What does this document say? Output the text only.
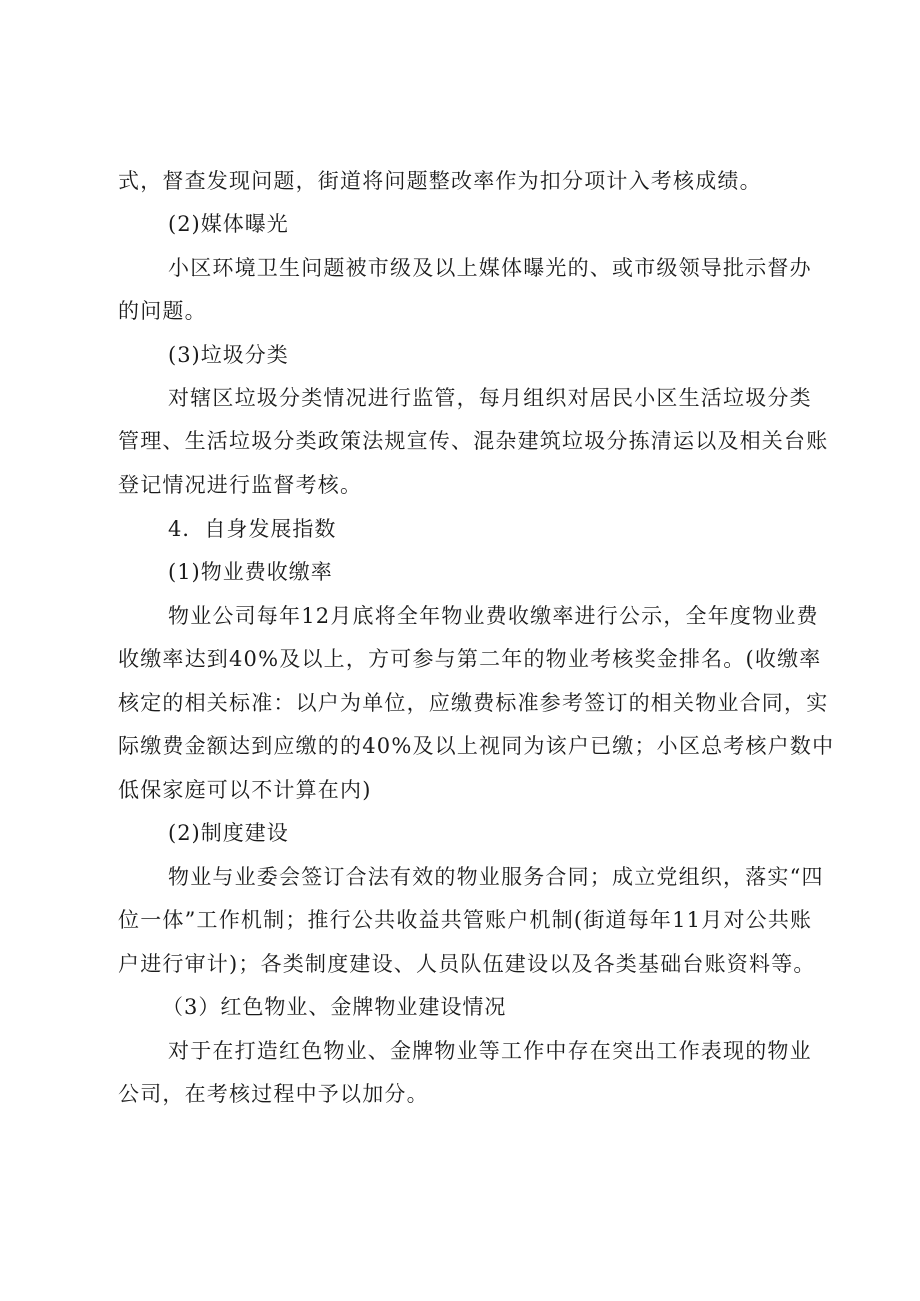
式，督查发现问题，街道将问题整改率作为扣分项计入考核成绩。
(2)媒体曝光
小区环境卫生问题被市级及以上媒体曝光的、或市级领导批示督办
的问题。
(3)垃圾分类
对辖区垃圾分类情况进行监管，每月组织对居民小区生活垃圾分类
管理、生活垃圾分类政策法规宣传、混杂建筑垃圾分拣清运以及相关台账
登记情况进行监督考核。
4．自身发展指数
(1)物业费收缴率
物业公司每年12月底将全年物业费收缴率进行公示，全年度物业费
收缴率达到40%及以上，方可参与第二年的物业考核奖金排名。(收缴率
核定的相关标准：以户为单位，应缴费标准参考签订的相关物业合同，实
际缴费金额达到应缴的的40%及以上视同为该户已缴；小区总考核户数中
低保家庭可以不计算在内)
(2)制度建设
物业与业委会签订合法有效的物业服务合同；成立党组织，落实“四
位一体”工作机制；推行公共收益共管账户机制(街道每年11月对公共账
户进行审计)；各类制度建设、人员队伍建设以及各类基础台账资料等。
（3）红色物业、金牌物业建设情况
对于在打造红色物业、金牌物业等工作中存在突出工作表现的物业
公司，在考核过程中予以加分。
